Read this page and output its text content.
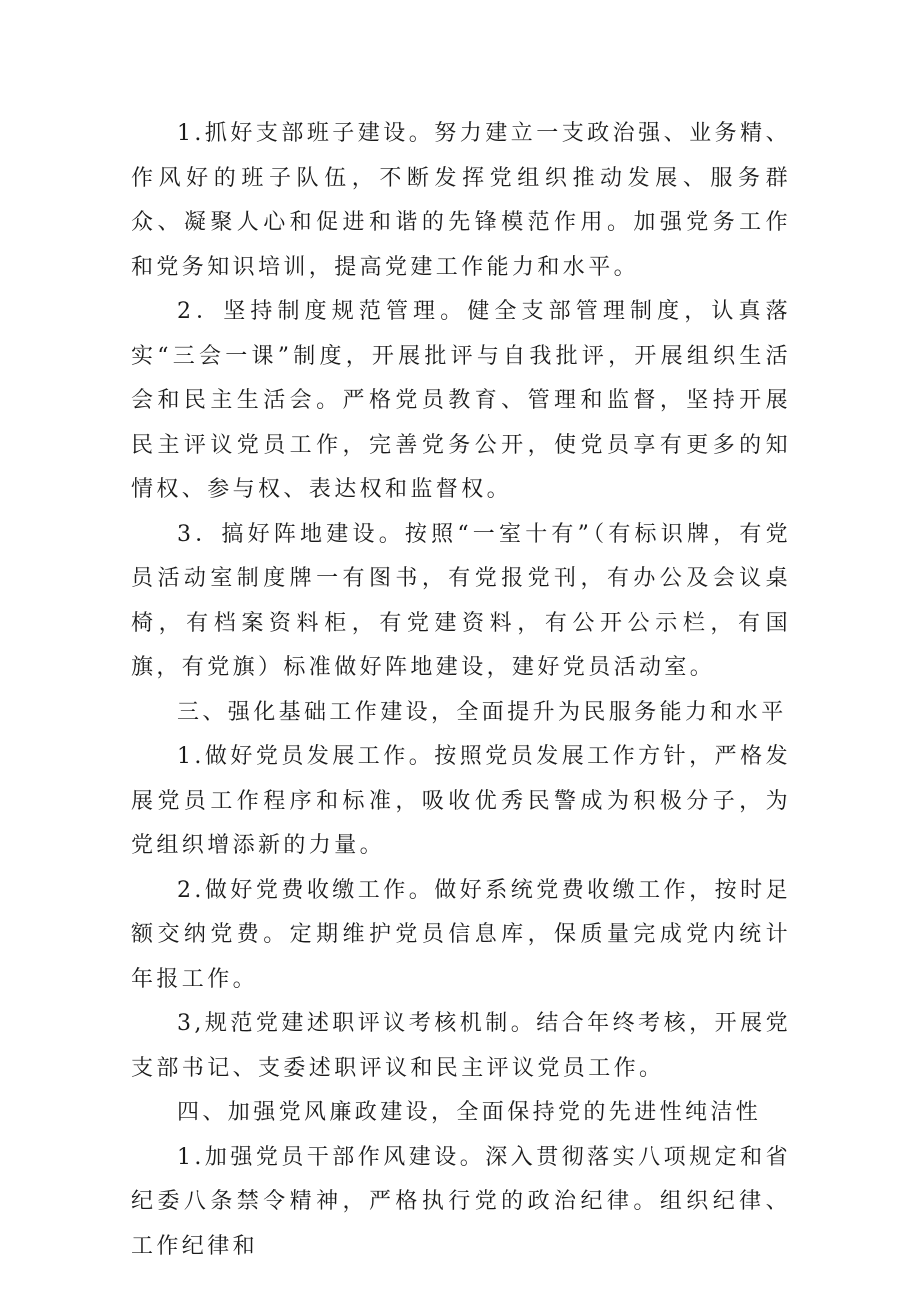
1.抓好支部班子建设。努力建立一支政治强、业务精、作风好的班子队伍，不断发挥党组织推动发展、服务群众、凝聚人心和促进和谐的先锋模范作用。加强党务工作和党务知识培训，提高党建工作能力和水平。

2．坚持制度规范管理。健全支部管理制度，认真落实“三会一课”制度，开展批评与自我批评，开展组织生活会和民主生活会。严格党员教育、管理和监督，坚持开展民主评议党员工作，完善党务公开，使党员享有更多的知情权、参与权、表达权和监督权。

3．搞好阵地建设。按照“一室十有”（有标识牌，有党员活动室制度牌一有图书，有党报党刊，有办公及会议桌椅，有档案资料柜，有党建资料，有公开公示栏，有国旗，有党旗）标准做好阵地建设，建好党员活动室。

三、强化基础工作建设，全面提升为民服务能力和水平

1.做好党员发展工作。按照党员发展工作方针，严格发展党员工作程序和标准，吸收优秀民警成为积极分子，为党组织增添新的力量。

2.做好党费收缴工作。做好系统党费收缴工作，按时足额交纳党费。定期维护党员信息库，保质量完成党内统计年报工作。

3,规范党建述职评议考核机制。结合年终考核，开展党支部书记、支委述职评议和民主评议党员工作。

四、加强党风廉政建设，全面保持党的先进性纯洁性

1.加强党员干部作风建设。深入贯彻落实八项规定和省纪委八条禁令精神，严格执行党的政治纪律。组织纪律、工作纪律和
